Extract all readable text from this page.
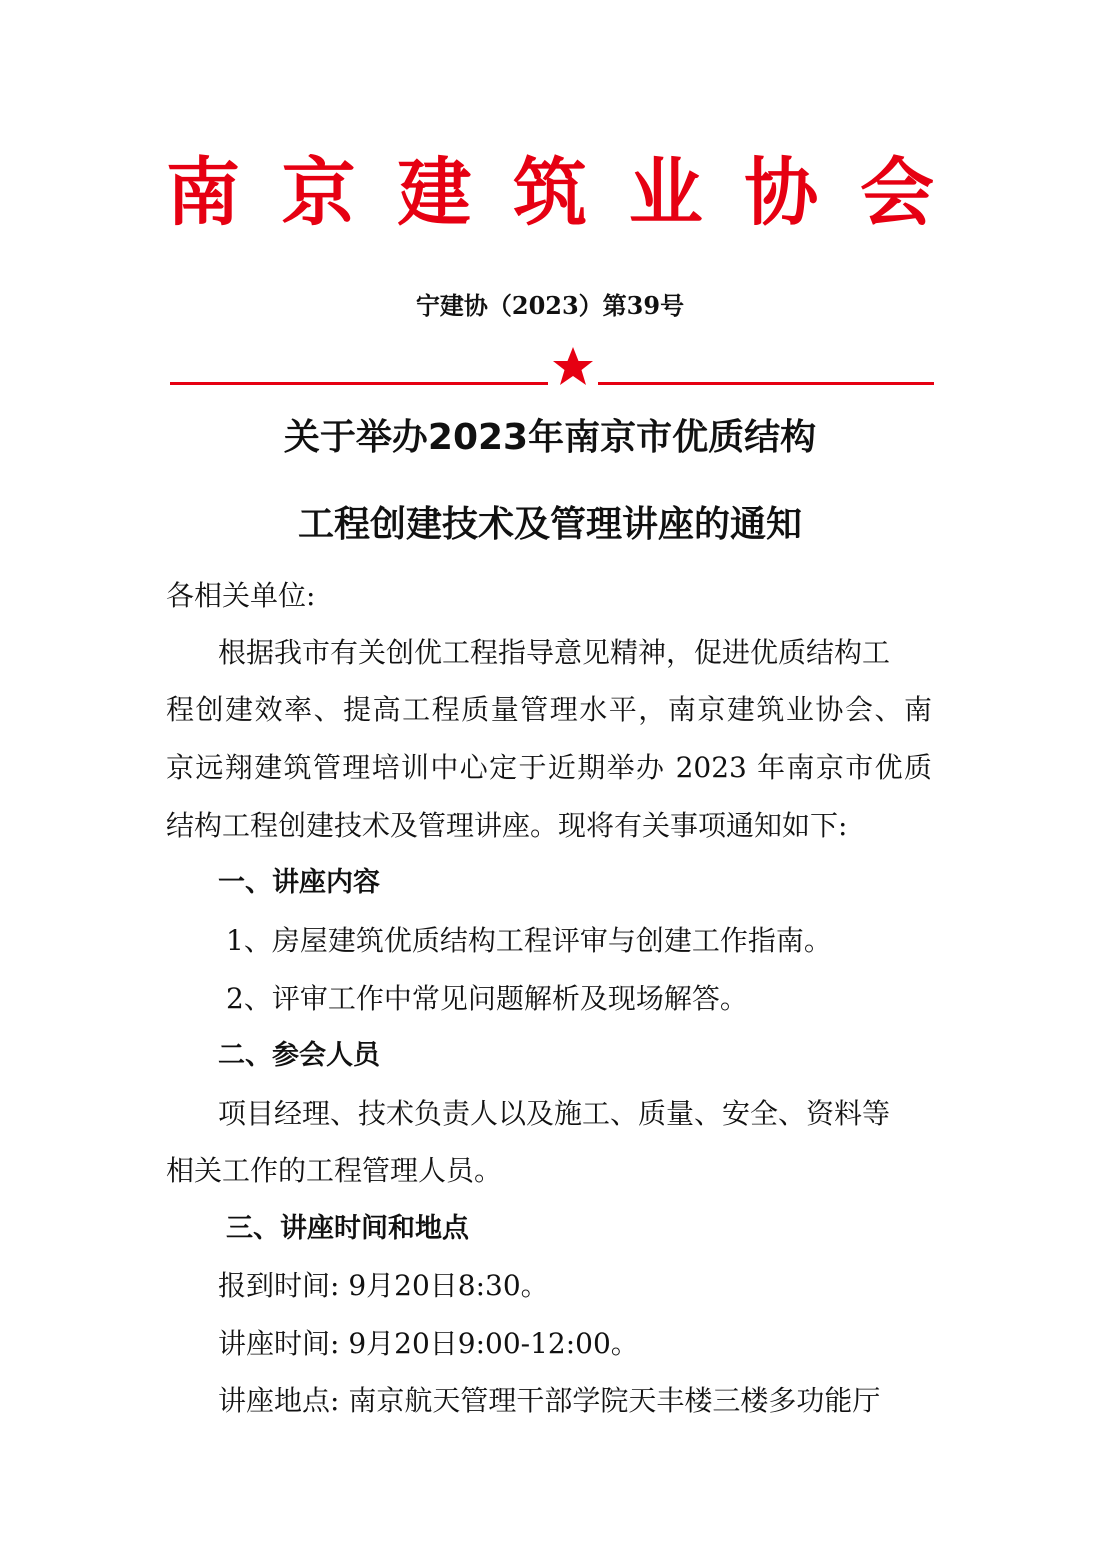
南 京 建 筑 业 协 会
宁建协（2023）第39号
关于举办2023年南京市优质结构
工程创建技术及管理讲座的通知
各相关单位:
根据我市有关创优工程指导意见精神，促进优质结构工
程创建效率、提高工程质量管理水平，南京建筑业协会、南
京远翔建筑管理培训中心定于近期举办 2023 年南京市优质
结构工程创建技术及管理讲座。现将有关事项通知如下:
一、讲座内容
1、房屋建筑优质结构工程评审与创建工作指南。
2、评审工作中常见问题解析及现场解答。
二、参会人员
项目经理、技术负责人以及施工、质量、安全、资料等
相关工作的工程管理人员。
三、讲座时间和地点
报到时间: 9月20日8:30。
讲座时间: 9月20日9:00-12:00。
讲座地点: 南京航天管理干部学院天丰楼三楼多功能厅
